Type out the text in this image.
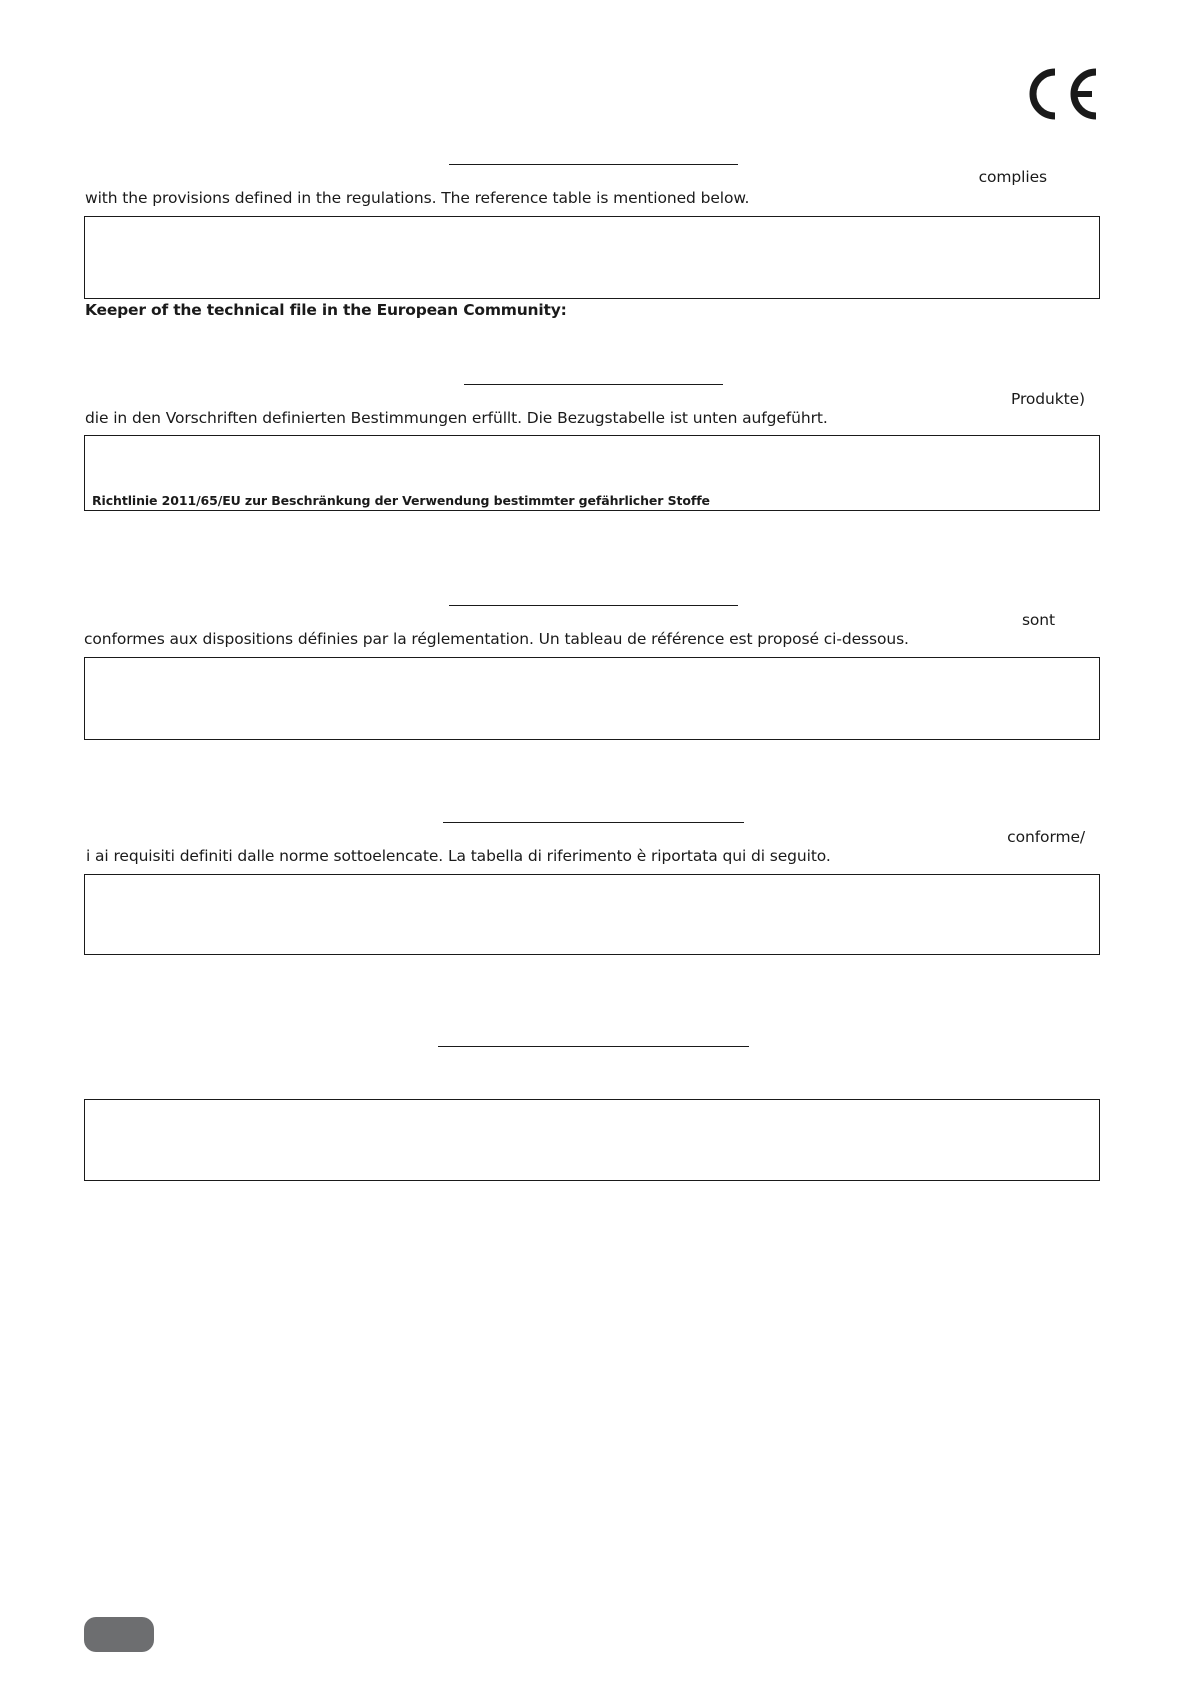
complies
with the provisions defined in the regulations. The reference table is mentioned below.
Keeper of the technical file in the European Community:
Produkte)
die in den Vorschriften definierten Bestimmungen erfüllt. Die Bezugstabelle ist unten aufgeführt.
Richtlinie 2011/65/EU zur Beschränkung der Verwendung bestimmter gefährlicher Stoffe
sont
conformes aux dispositions définies par la réglementation. Un tableau de référence est proposé ci-dessous.
conforme/
i ai requisiti definiti dalle norme sottoelencate. La tabella di riferimento è riportata qui di seguito.
